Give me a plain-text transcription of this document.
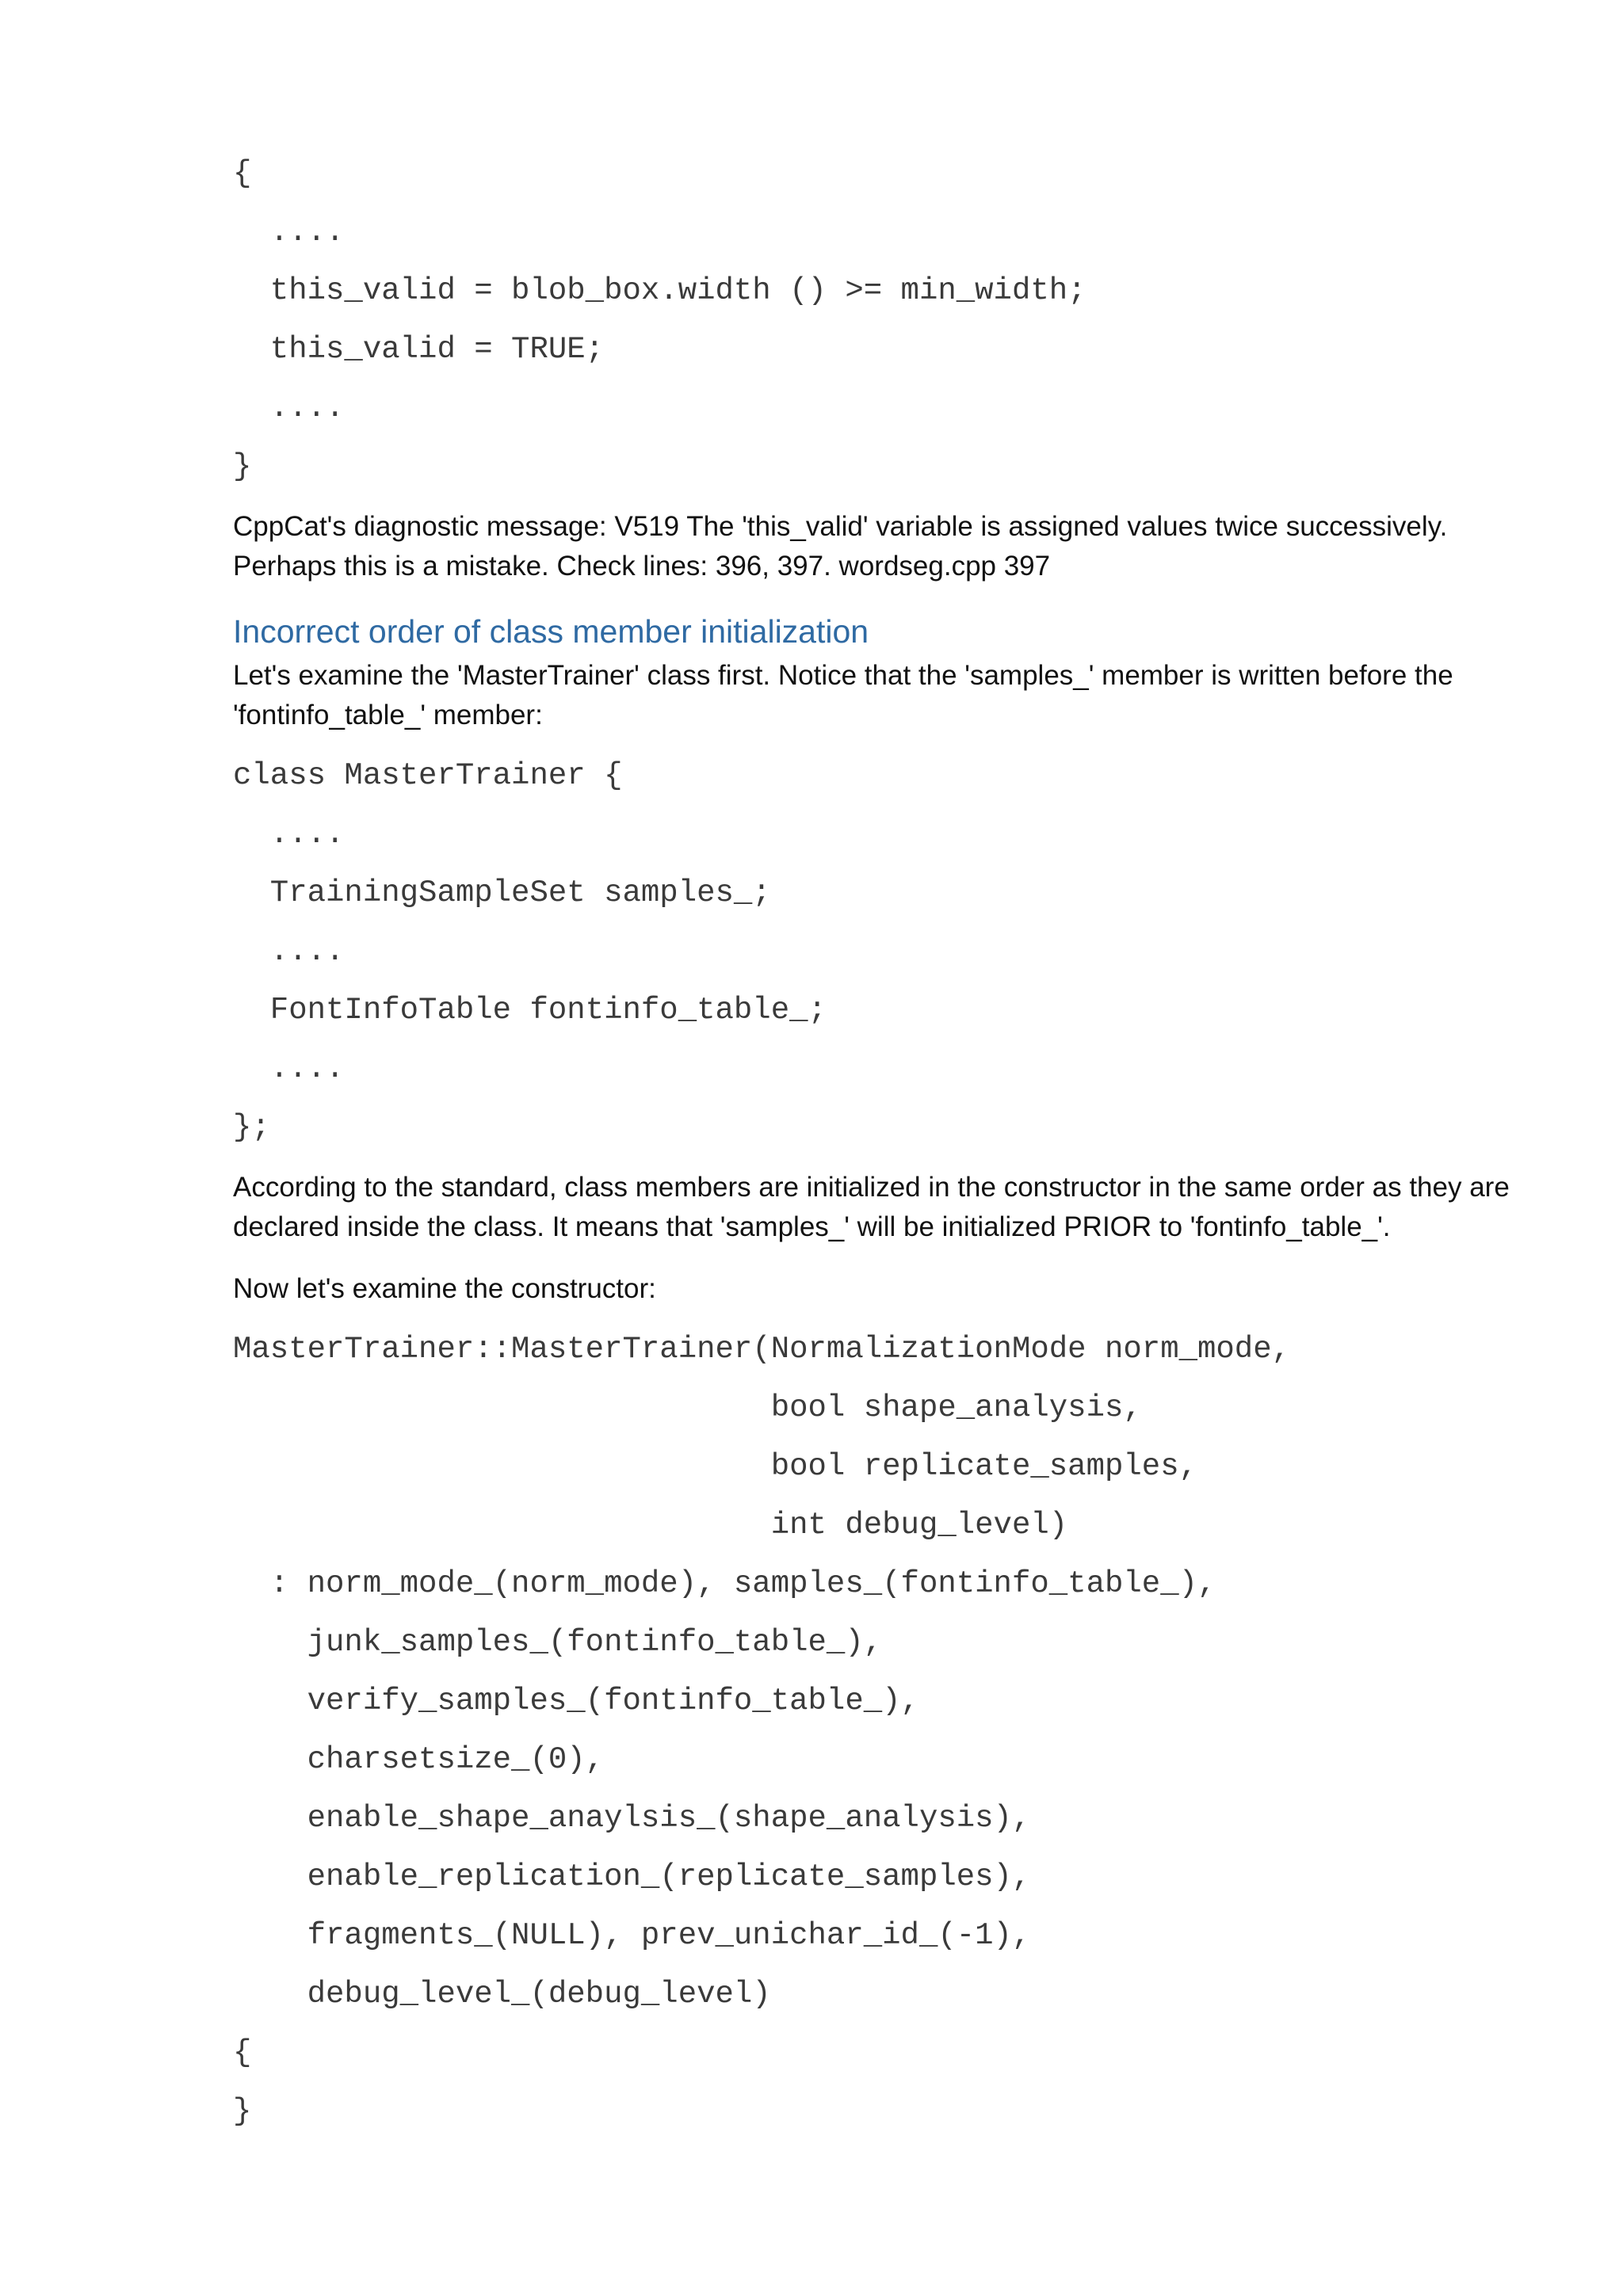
{
....
this_valid = blob_box.width () >= min_width;
this_valid = TRUE;
....
}
CppCat's diagnostic message: V519 The 'this_valid' variable is assigned values twice successively.
Perhaps this is a mistake. Check lines: 396, 397. wordseg.cpp 397
Incorrect order of class member initialization
Let's examine the 'MasterTrainer' class first. Notice that the 'samples_' member is written before the
'fontinfo_table_' member:
class MasterTrainer {
....
TrainingSampleSet samples_;
....
FontInfoTable fontinfo_table_;
....
};
According to the standard, class members are initialized in the constructor in the same order as they are
declared inside the class. It means that 'samples_' will be initialized PRIOR to 'fontinfo_table_'.
Now let's examine the constructor:
MasterTrainer::MasterTrainer(NormalizationMode norm_mode,
bool shape_analysis,
bool replicate_samples,
int debug_level)
: norm_mode_(norm_mode), samples_(fontinfo_table_),
junk_samples_(fontinfo_table_),
verify_samples_(fontinfo_table_),
charsetsize_(0),
enable_shape_anaylsis_(shape_analysis),
enable_replication_(replicate_samples),
fragments_(NULL), prev_unichar_id_(-1),
debug_level_(debug_level)
{
}
